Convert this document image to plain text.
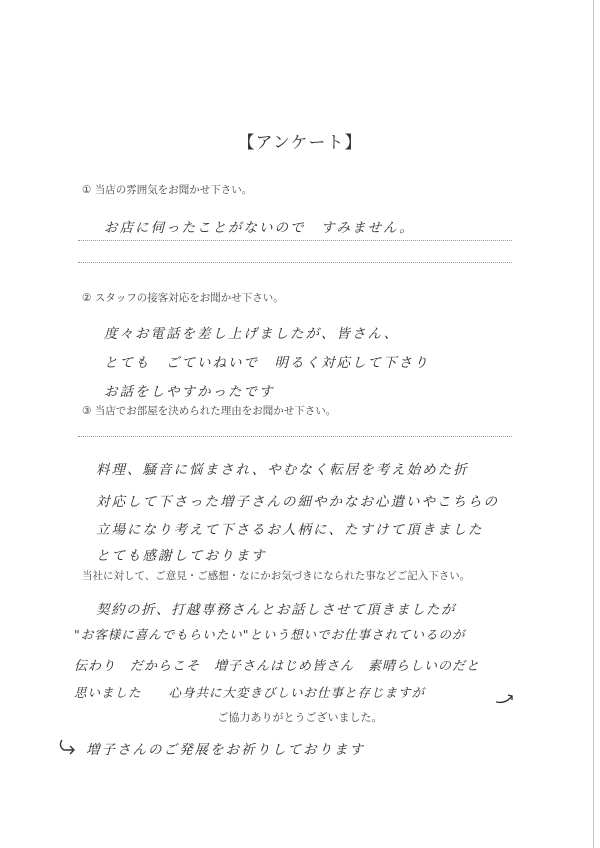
【アンケート】
① 当店の雰囲気をお聞かせ下さい。
お店に伺ったことがないので　すみません。
② スタッフの接客対応をお聞かせ下さい。
度々お電話を差し上げましたが、皆さん、
とても　ごていねいで　明るく対応して下さり
お話をしやすかったです
③ 当店でお部屋を決められた理由をお聞かせ下さい。
料理、騒音に悩まされ、やむなく転居を考え始めた折
対応して下さった増子さんの細やかなお心遣いやこちらの
立場になり考えて下さるお人柄に、たすけて頂きました
とても感謝しております
当社に対して、ご意見・ご感想・なにかお気づきになられた事などご記入下さい。
契約の折、打越専務さんとお話しさせて頂きましたが
"お客様に喜んでもらいたい"という想いでお仕事されているのが
伝わり　だからこそ　増子さんはじめ皆さん　素晴らしいのだと
思いました　　心身共に大変きびしいお仕事と存じますが
ご協力ありがとうございました。
増子さんのご発展をお祈りしております
